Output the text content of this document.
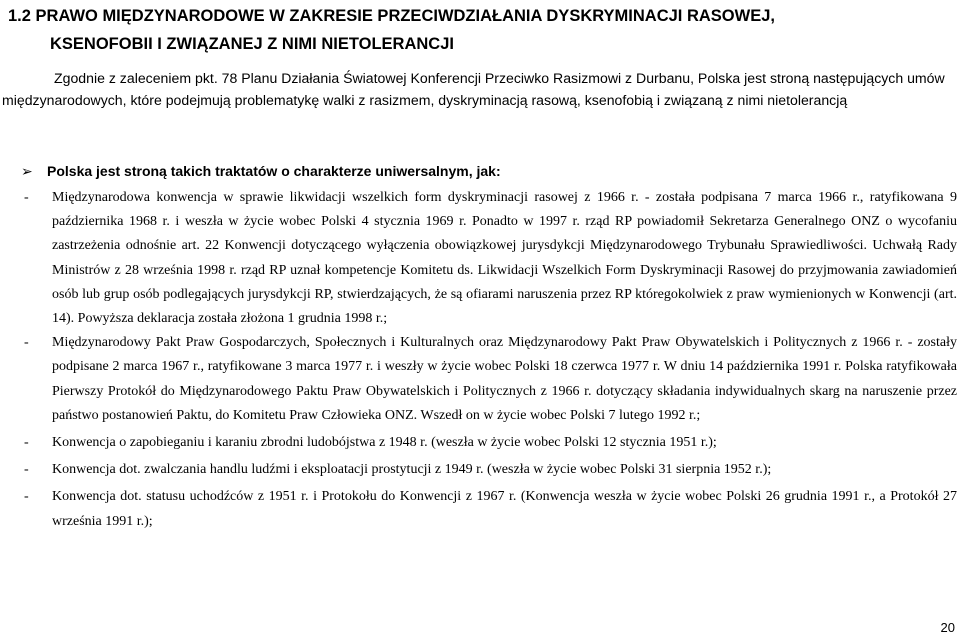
1.2 PRAWO MIĘDZYNARODOWE W ZAKRESIE PRZECIWDZIAŁANIA DYSKRYMINACJI RASOWEJ,
KSENOFOBII I ZWIĄZANEJ Z NIMI NIETOLERANCJI

Zgodnie z zaleceniem pkt. 78 Planu Działania Światowej Konferencji Przeciwko Rasizmowi z Durbanu, Polska jest stroną następujących umów międzynarodowych, które podejmują problematykę walki z rasizmem, dyskryminacją rasową, ksenofobią i związaną z nimi nietolerancją

➢ Polska jest stroną takich traktatów o charakterze uniwersalnym, jak:

- Międzynarodowa konwencja w sprawie likwidacji wszelkich form dyskryminacji rasowej z 1966 r. - została podpisana 7 marca 1966 r., ratyfikowana 9 października 1968 r. i weszła w życie wobec Polski 4 stycznia 1969 r. Ponadto w 1997 r. rząd RP powiadomił Sekretarza Generalnego ONZ o wycofaniu zastrzeżenia odnośnie art. 22 Konwencji dotyczącego wyłączenia obowiązkowej jurysdykcji Międzynarodowego Trybunału Sprawiedliwości. Uchwałą Rady Ministrów z 28 września 1998 r. rząd RP uznał kompetencje Komitetu ds. Likwidacji Wszelkich Form Dyskryminacji Rasowej do przyjmowania zawiadomień osób lub grup osób podlegających jurysdykcji RP, stwierdzających, że są ofiarami naruszenia przez RP któregokolwiek z praw wymienionych w Konwencji (art. 14). Powyższa deklaracja została złożona 1 grudnia 1998 r.;
- Międzynarodowy Pakt Praw Gospodarczych, Społecznych i Kulturalnych oraz Międzynarodowy Pakt Praw Obywatelskich i Politycznych z 1966 r. - zostały podpisane 2 marca 1967 r., ratyfikowane 3 marca 1977 r. i weszły w życie wobec Polski 18 czerwca 1977 r. W dniu 14 października 1991 r. Polska ratyfikowała Pierwszy Protokół do Międzynarodowego Paktu Praw Obywatelskich i Politycznych z 1966 r. dotyczący składania indywidualnych skarg na naruszenie przez państwo postanowień Paktu, do Komitetu Praw Człowieka ONZ. Wszedł on w życie wobec Polski 7 lutego 1992 r.;
- Konwencja o zapobieganiu i karaniu zbrodni ludobójstwa z 1948 r. (weszła w życie wobec Polski 12 stycznia 1951 r.);
- Konwencja dot. zwalczania handlu ludźmi i eksploatacji prostytucji z 1949 r. (weszła w życie wobec Polski 31 sierpnia 1952 r.);
- Konwencja dot. statusu uchodźców z 1951 r. i Protokołu do Konwencji z 1967 r. (Konwencja weszła w życie wobec Polski 26 grudnia 1991 r., a Protokół 27 września 1991 r.);
20
